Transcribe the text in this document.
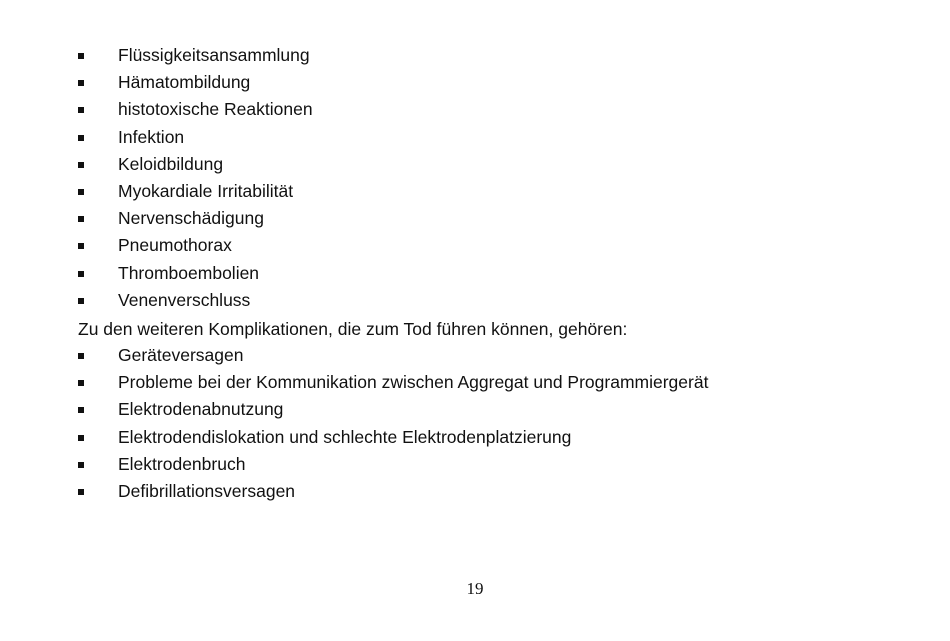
Flüssigkeitsansammlung
Hämatombildung
histotoxische Reaktionen
Infektion
Keloidbildung
Myokardiale Irritabilität
Nervenschädigung
Pneumothorax
Thromboembolien
Venenverschluss

Zu den weiteren Komplikationen, die zum Tod führen können, gehören:

Geräteversagen
Probleme bei der Kommunikation zwischen Aggregat und Programmiergerät
Elektrodenabnutzung
Elektrodendislokation und schlechte Elektrodenplatzierung
Elektrodenbruch
Defibrillationsversagen
19
